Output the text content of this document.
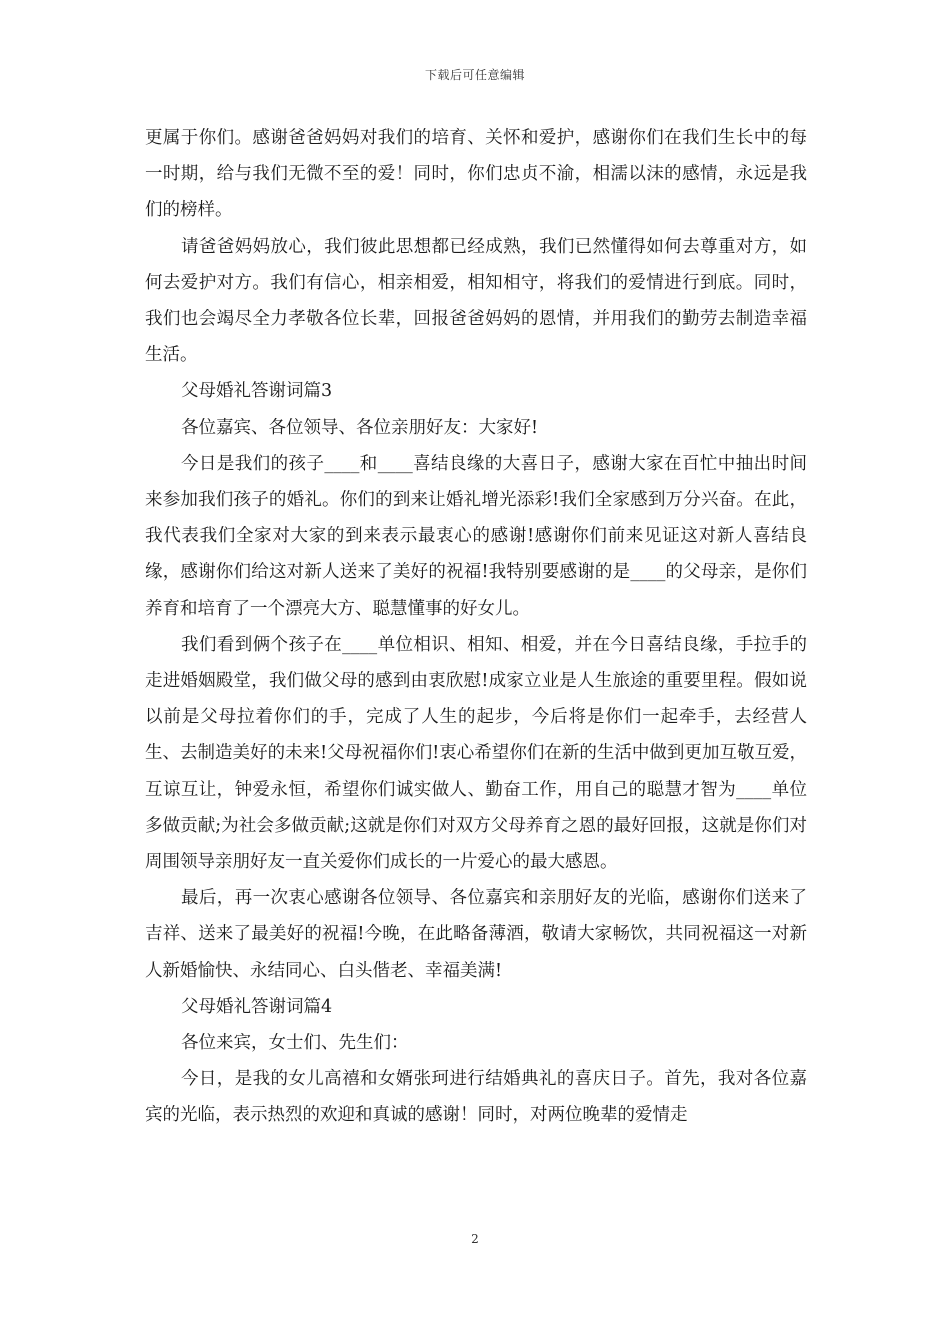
下载后可任意编辑

更属于你们。感谢爸爸妈妈对我们的培育、关怀和爱护，感谢你们在我们生长中的每一时期，给与我们无微不至的爱！同时，你们忠贞不渝，相濡以沫的感情，永远是我们的榜样。

请爸爸妈妈放心，我们彼此思想都已经成熟，我们已然懂得如何去尊重对方，如何去爱护对方。我们有信心，相亲相爱，相知相守，将我们的爱情进行到底。同时，我们也会竭尽全力孝敬各位长辈，回报爸爸妈妈的恩情，并用我们的勤劳去制造幸福生活。

父母婚礼答谢词篇3

各位嘉宾、各位领导、各位亲朋好友：大家好!

今日是我们的孩子____和____喜结良缘的大喜日子，感谢大家在百忙中抽出时间来参加我们孩子的婚礼。你们的到来让婚礼增光添彩!我们全家感到万分兴奋。在此，我代表我们全家对大家的到来表示最衷心的感谢!感谢你们前来见证这对新人喜结良缘，感谢你们给这对新人送来了美好的祝福!我特别要感谢的是____的父母亲，是你们养育和培育了一个漂亮大方、聪慧懂事的好女儿。

我们看到俩个孩子在____单位相识、相知、相爱，并在今日喜结良缘，手拉手的走进婚姻殿堂，我们做父母的感到由衷欣慰!成家立业是人生旅途的重要里程。假如说以前是父母拉着你们的手，完成了人生的起步，今后将是你们一起牵手，去经营人生、去制造美好的未来!父母祝福你们!衷心希望你们在新的生活中做到更加互敬互爱，互谅互让，钟爱永恒，希望你们诚实做人、勤奋工作，用自己的聪慧才智为____单位多做贡献;为社会多做贡献;这就是你们对双方父母养育之恩的最好回报，这就是你们对周围领导亲朋好友一直关爱你们成长的一片爱心的最大感恩。

最后，再一次衷心感谢各位领导、各位嘉宾和亲朋好友的光临，感谢你们送来了吉祥、送来了最美好的祝福!今晚，在此略备薄酒，敬请大家畅饮，共同祝福这一对新人新婚愉快、永结同心、白头偕老、幸福美满!

父母婚礼答谢词篇4

各位来宾，女士们、先生们：

今日，是我的女儿高禧和女婿张珂进行结婚典礼的喜庆日子。首先，我对各位嘉宾的光临，表示热烈的欢迎和真诚的感谢！同时，对两位晚辈的爱情走

2
